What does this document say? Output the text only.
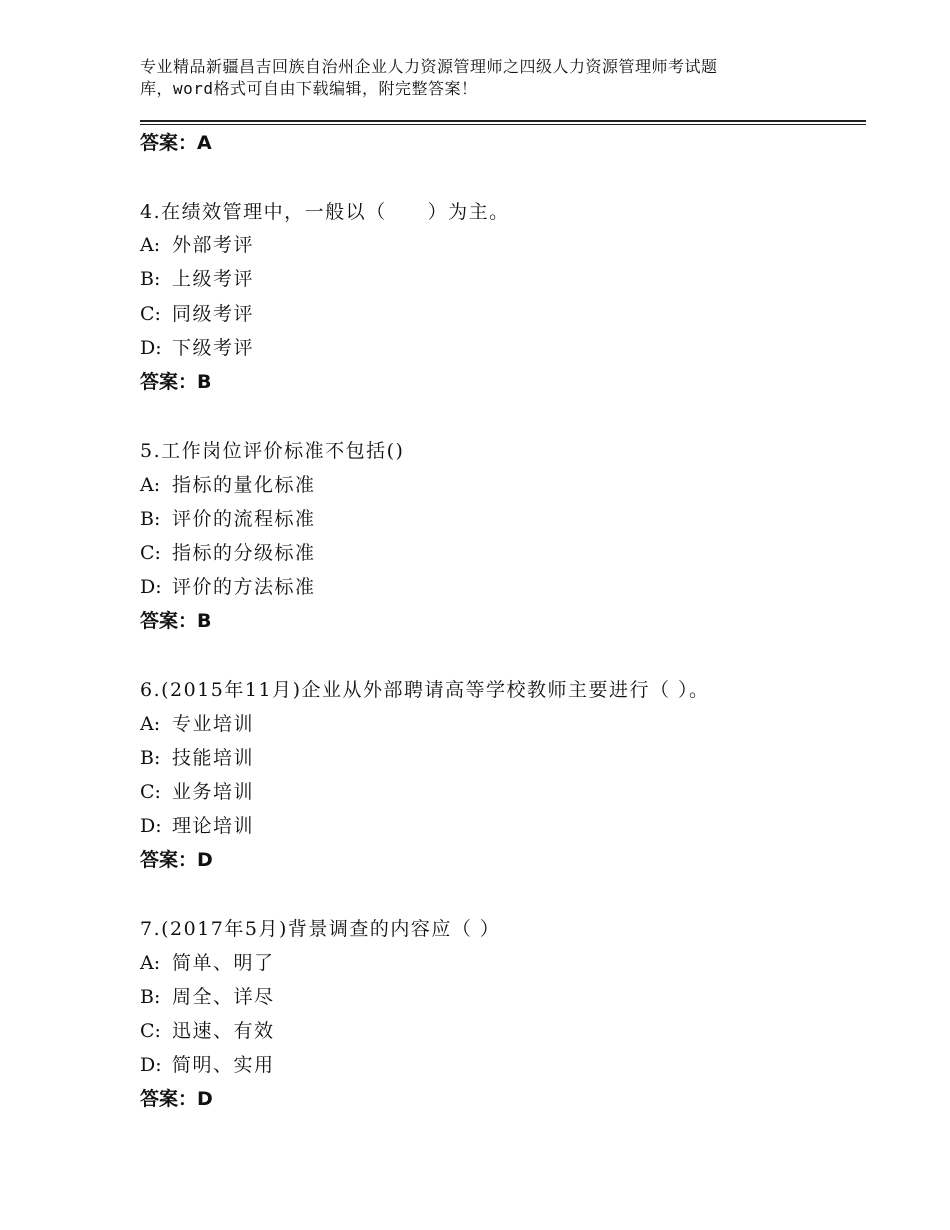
专业精品新疆昌吉回族自治州企业人力资源管理师之四级人力资源管理师考试题
库，word格式可自由下载编辑，附完整答案！
答案：A
4.在绩效管理中，一般以（　　）为主。
A: 外部考评
B: 上级考评
C: 同级考评
D: 下级考评
答案：B
5.工作岗位评价标准不包括()
A: 指标的量化标准
B: 评价的流程标准
C: 指标的分级标准
D: 评价的方法标准
答案：B
6.(2015年11月)企业从外部聘请高等学校教师主要进行（ ）。
A: 专业培训
B: 技能培训
C: 业务培训
D: 理论培训
答案：D
7.(2017年5月)背景调查的内容应（ ）
A: 简单、明了
B: 周全、详尽
C: 迅速、有效
D: 简明、实用
答案：D
